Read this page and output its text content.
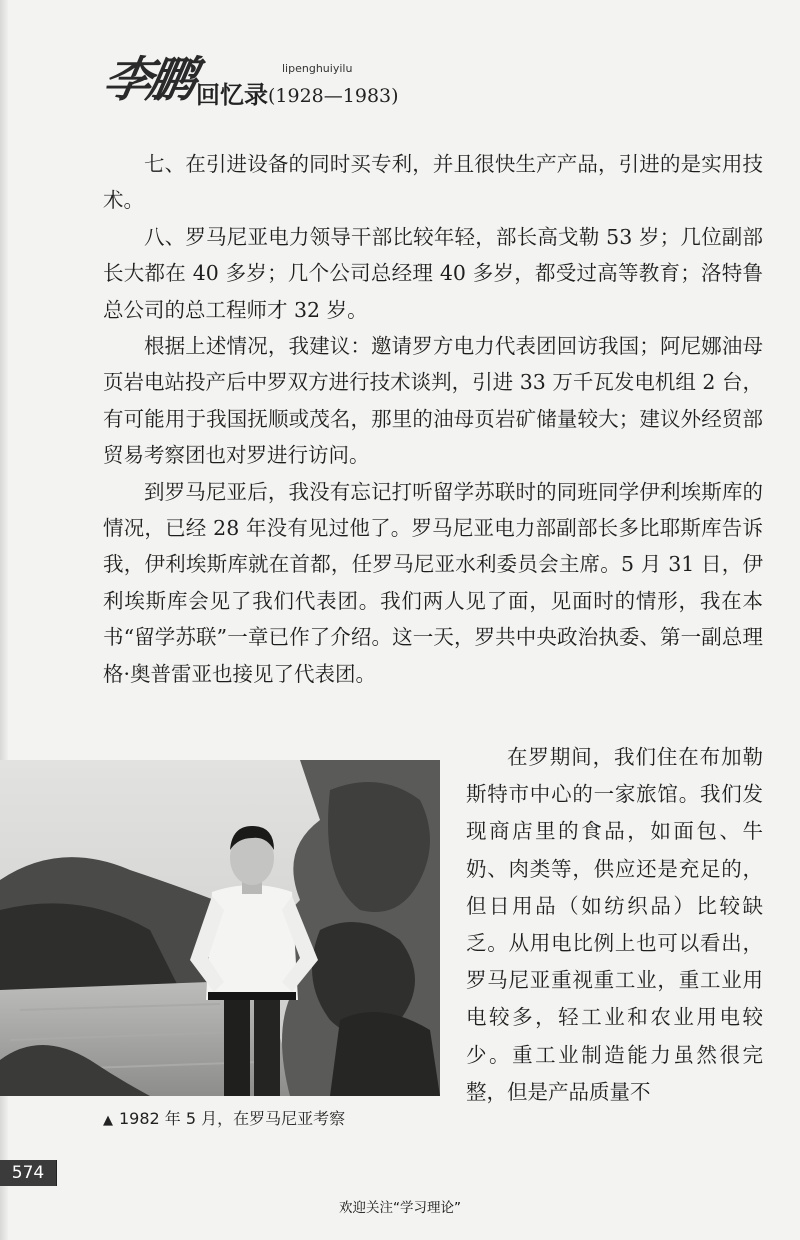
李鹏	lipenghuiyilu
回忆录 (1928—1983)

七、在引进设备的同时买专利，并且很快生产产品，引进的是实用技术。

八、罗马尼亚电力领导干部比较年轻，部长高戈勒 53 岁；几位副部长大都在 40 多岁；几个公司总经理 40 多岁，都受过高等教育；洛特鲁总公司的总工程师才 32 岁。

根据上述情况，我建议：邀请罗方电力代表团回访我国；阿尼娜油母页岩电站投产后中罗双方进行技术谈判，引进 33 万千瓦发电机组 2 台，有可能用于我国抚顺或茂名，那里的油母页岩矿储量较大；建议外经贸部贸易考察团也对罗进行访问。

到罗马尼亚后，我没有忘记打听留学苏联时的同班同学伊利埃斯库的情况，已经 28 年没有见过他了。罗马尼亚电力部副部长多比耶斯库告诉我，伊利埃斯库就在首都，任罗马尼亚水利委员会主席。5 月 31 日，伊利埃斯库会见了我们代表团。我们两人见了面，见面时的情形，我在本书“留学苏联”一章已作了介绍。这一天，罗共中央政治执委、第一副总理格·奥普雷亚也接见了代表团。

▲ 1982 年 5 月，在罗马尼亚考察

在罗期间，我们住在布加勒斯特市中心的一家旅馆。我们发现商店里的食品，如面包、牛奶、肉类等，供应还是充足的，但日用品（如纺织品）比较缺乏。从用电比例上也可以看出，罗马尼亚重视重工业，重工业用电较多，轻工业和农业用电较少。重工业制造能力虽然很完整，但是产品质量不

574
欢迎关注“学习理论”
